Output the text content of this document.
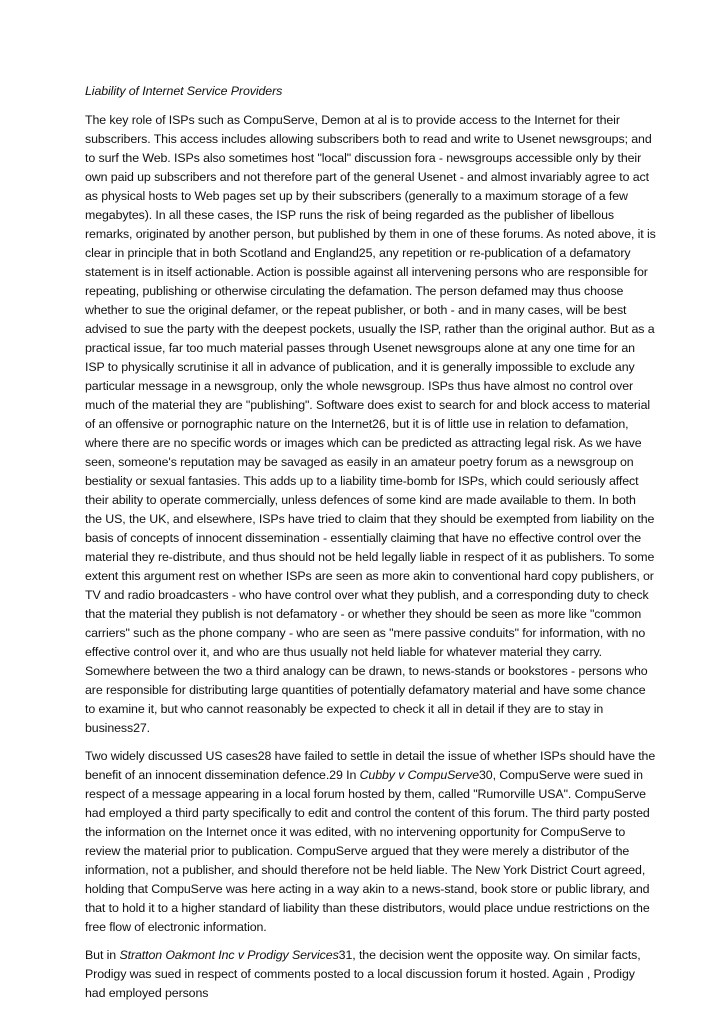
Liability of Internet Service Providers

The key role of ISPs such as CompuServe, Demon at al is to provide access to the Internet for their subscribers. This access includes allowing subscribers both to read and write to Usenet newsgroups; and to surf the Web. ISPs also sometimes host "local" discussion fora - newsgroups accessible only by their own paid up subscribers and not therefore part of the general Usenet - and almost invariably agree to act as physical hosts to Web pages set up by their subscribers (generally to a maximum storage of a few megabytes). In all these cases, the ISP runs the risk of being regarded as the publisher of libellous remarks, originated by another person, but published by them in one of these forums. As noted above, it is clear in principle that in both Scotland and England25, any repetition or re-publication of a defamatory statement is in itself actionable. Action is possible against all intervening persons who are responsible for repeating, publishing or otherwise circulating the defamation. The person defamed may thus choose whether to sue the original defamer, or the repeat publisher, or both - and in many cases, will be best advised to sue the party with the deepest pockets, usually the ISP, rather than the original author. But as a practical issue, far too much material passes through Usenet newsgroups alone at any one time for an ISP to physically scrutinise it all in advance of publication, and it is generally impossible to exclude any particular message in a newsgroup, only the whole newsgroup. ISPs thus have almost no control over much of the material they are "publishing". Software does exist to search for and block access to material of an offensive or pornographic nature on the Internet26, but it is of little use in relation to defamation, where there are no specific words or images which can be predicted as attracting legal risk. As we have seen, someone's reputation may be savaged as easily in an amateur poetry forum as a newsgroup on bestiality or sexual fantasies. This adds up to a liability time-bomb for ISPs, which could seriously affect their ability to operate commercially, unless defences of some kind are made available to them. In both the US, the UK, and elsewhere, ISPs have tried to claim that they should be exempted from liability on the basis of concepts of innocent dissemination - essentially claiming that have no effective control over the material they re-distribute, and thus should not be held legally liable in respect of it as publishers. To some extent this argument rest on whether ISPs are seen as more akin to conventional hard copy publishers, or TV and radio broadcasters - who have control over what they publish, and a corresponding duty to check that the material they publish is not defamatory - or whether they should be seen as more like "common carriers" such as the phone company - who are seen as "mere passive conduits" for information, with no effective control over it, and who are thus usually not held liable for whatever material they carry. Somewhere between the two a third analogy can be drawn, to news-stands or bookstores - persons who are responsible for distributing large quantities of potentially defamatory material and have some chance to examine it, but who cannot reasonably be expected to check it all in detail if they are to stay in business27.

Two widely discussed US cases28 have failed to settle in detail the issue of whether ISPs should have the benefit of an innocent dissemination defence.29 In Cubby v CompuServe30, CompuServe were sued in respect of a message appearing in a local forum hosted by them, called "Rumorville USA". CompuServe had employed a third party specifically to edit and control the content of this forum. The third party posted the information on the Internet once it was edited, with no intervening opportunity for CompuServe to review the material prior to publication. CompuServe argued that they were merely a distributor of the information, not a publisher, and should therefore not be held liable. The New York District Court agreed, holding that CompuServe was here acting in a way akin to a news-stand, book store or public library, and that to hold it to a higher standard of liability than these distributors, would place undue restrictions on the free flow of electronic information.

But in Stratton Oakmont Inc v Prodigy Services31, the decision went the opposite way. On similar facts, Prodigy was sued in respect of comments posted to a local discussion forum it hosted. Again , Prodigy had employed persons
